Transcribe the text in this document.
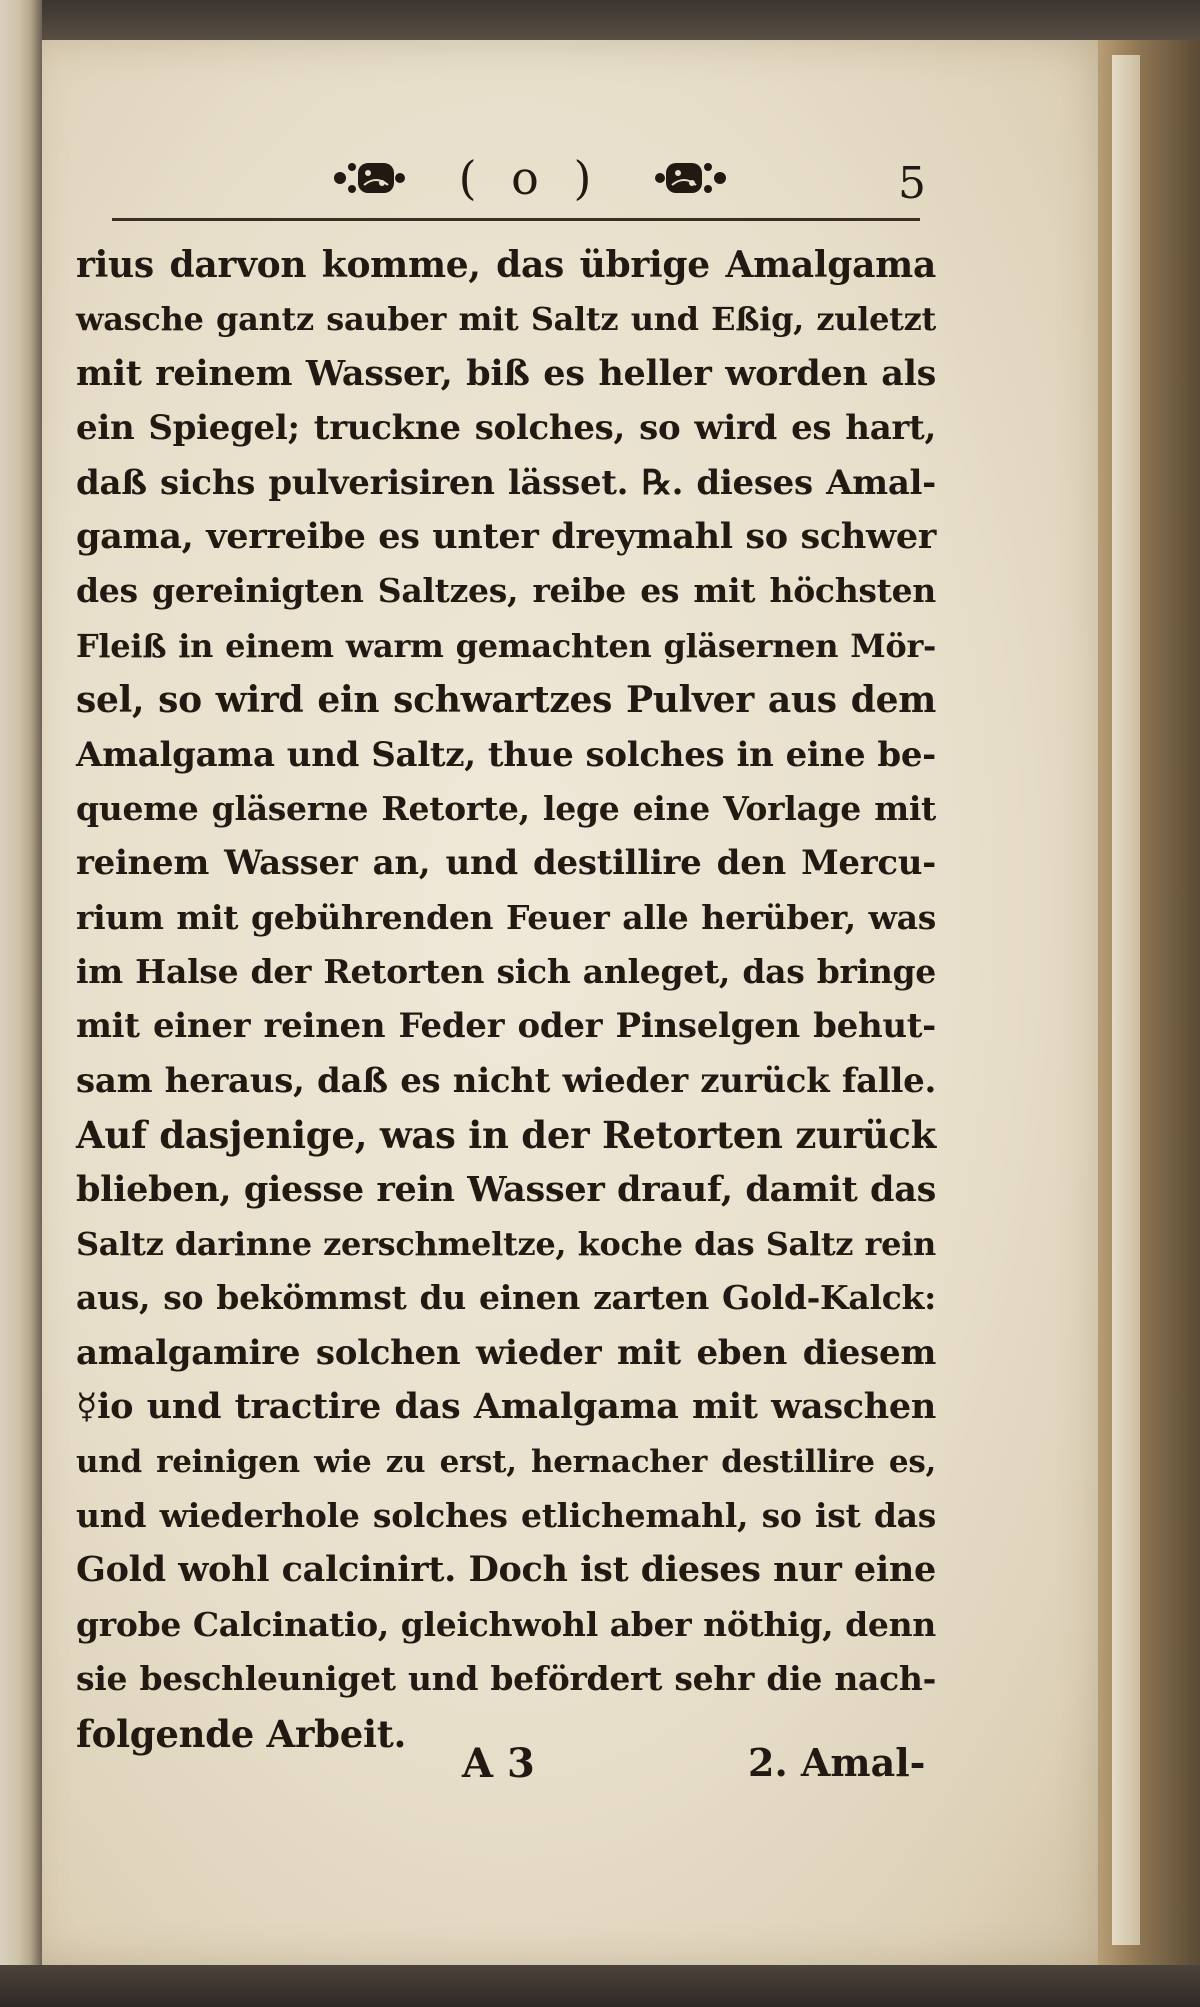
( o )	5
rius darvon komme, das übrige Amalgama
wasche gantz sauber mit Saltz und Eßig, zuletzt
mit reinem Wasser, biß es heller worden als
ein Spiegel; truckne solches, so wird es hart,
daß sichs pulverisiren lässet. ℞. dieses Amal-
gama, verreibe es unter dreymahl so schwer
des gereinigten Saltzes, reibe es mit höchsten
Fleiß in einem warm gemachten gläsernen Mör-
sel, so wird ein schwartzes Pulver aus dem
Amalgama und Saltz, thue solches in eine be-
queme gläserne Retorte, lege eine Vorlage mit
reinem Wasser an, und destillire den Mercu-
rium mit gebührenden Feuer alle herüber, was
im Halse der Retorten sich anleget, das bringe
mit einer reinen Feder oder Pinselgen behut-
sam heraus, daß es nicht wieder zurück falle.
Auf dasjenige, was in der Retorten zurück
blieben, giesse rein Wasser drauf, damit das
Saltz darinne zerschmeltze, koche das Saltz rein
aus, so bekömmst du einen zarten Gold-Kalck:
amalgamire solchen wieder mit eben diesem
☿io und tractire das Amalgama mit waschen
und reinigen wie zu erst, hernacher destillire es,
und wiederhole solches etlichemahl, so ist das
Gold wohl calcinirt. Doch ist dieses nur eine
grobe Calcinatio, gleichwohl aber nöthig, denn
sie beschleuniget und befördert sehr die nach-
folgende Arbeit.
A 3	2. Amal-
